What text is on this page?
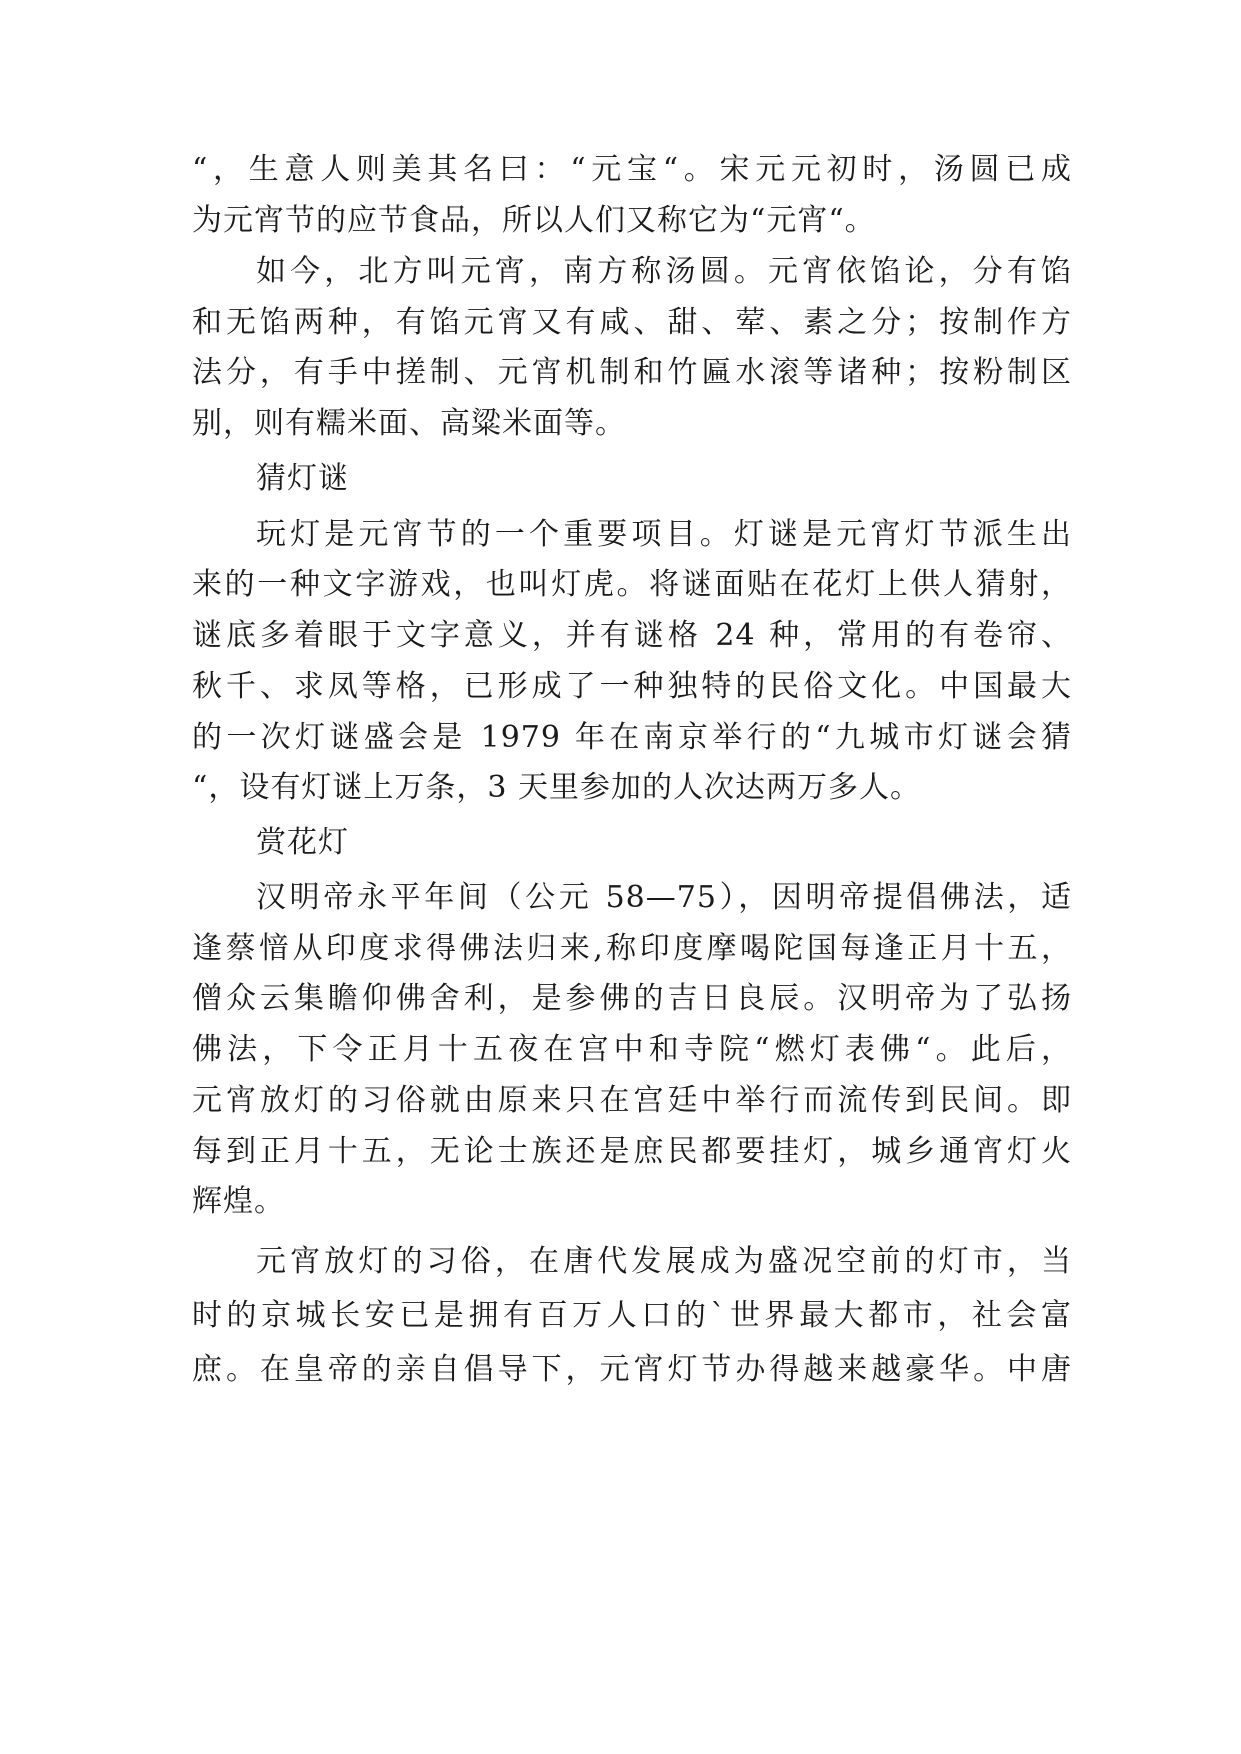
“，生意人则美其名曰：“元宝“。宋元元初时，汤圆已成
为元宵节的应节食品，所以人们又称它为“元宵“。
如今，北方叫元宵，南方称汤圆。元宵依馅论，分有馅
和无馅两种，有馅元宵又有咸、甜、荤、素之分；按制作方
法分，有手中搓制、元宵机制和竹匾水滚等诸种；按粉制区
别，则有糯米面、高粱米面等。
猜灯谜
玩灯是元宵节的一个重要项目。灯谜是元宵灯节派生出
来的一种文字游戏，也叫灯虎。将谜面贴在花灯上供人猜射，
谜底多着眼于文字意义，并有谜格 24 种，常用的有卷帘、
秋千、求凤等格，已形成了一种独特的民俗文化。中国最大
的一次灯谜盛会是 1979 年在南京举行的“九城市灯谜会猜
“，设有灯谜上万条，3 天里参加的人次达两万多人。
赏花灯
汉明帝永平年间（公元 58—75），因明帝提倡佛法，适
逢蔡愔从印度求得佛法归来,称印度摩喝陀国每逢正月十五，
僧众云集瞻仰佛舍利，是参佛的吉日良辰。汉明帝为了弘扬
佛法，下令正月十五夜在宫中和寺院“燃灯表佛“。此后，
元宵放灯的习俗就由原来只在宫廷中举行而流传到民间。即
每到正月十五，无论士族还是庶民都要挂灯，城乡通宵灯火
辉煌。
元宵放灯的习俗，在唐代发展成为盛况空前的灯市，当
时的京城长安已是拥有百万人口的`世界最大都市，社会富
庶。在皇帝的亲自倡导下，元宵灯节办得越来越豪华。中唐
